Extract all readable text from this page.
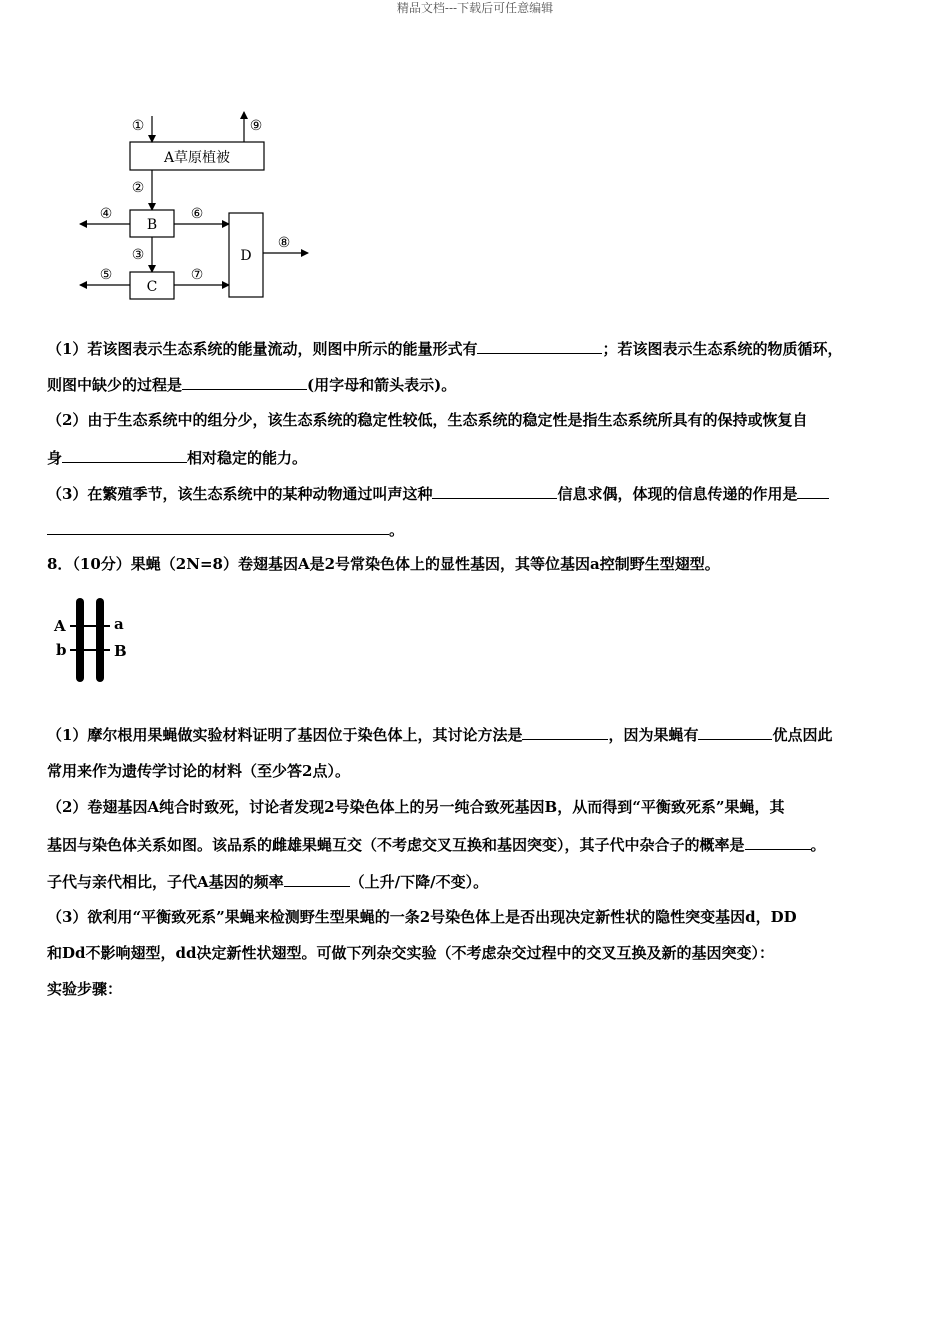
精品文档---下载后可任意编辑
A草原植被
①	⑨
②
B
④	⑥
③
C
⑤	⑦
D
⑧
（1）若该图表示生态系统的能量流动，则图中所示的能量形式有	；若该图表示生态系统的物质循环，
则图中缺少的过程是	(用字母和箭头表示)。
（2）由于生态系统中的组分少，该生态系统的稳定性较低，生态系统的稳定性是指生态系统所具有的保持或恢复自
身	相对稳定的能力。
（3）在繁殖季节，该生态系统中的某种动物通过叫声这种	信息求偶，体现的信息传递的作用是
。
8．（10分）果蝇（2N=8）卷翅基因A是2号常染色体上的显性基因，其等位基因a控制野生型翅型。
A
b
a
B
（1）摩尔根用果蝇做实验材料证明了基因位于染色体上，其讨论方法是	，因为果蝇有	优点因此
常用来作为遗传学讨论的材料（至少答2点）。
（2）卷翅基因A纯合时致死，讨论者发现2号染色体上的另一纯合致死基因B，从而得到“平衡致死系”果蝇，其
基因与染色体关系如图。该品系的雌雄果蝇互交（不考虑交叉互换和基因突变），其子代中杂合子的概率是	。
子代与亲代相比，子代A基因的频率	（上升/下降/不变）。
（3）欲利用“平衡致死系”果蝇来检测野生型果蝇的一条2号染色体上是否出现决定新性状的隐性突变基因d，DD
和Dd不影响翅型，dd决定新性状翅型。可做下列杂交实验（不考虑杂交过程中的交叉互换及新的基因突变）：
实验步骤：
